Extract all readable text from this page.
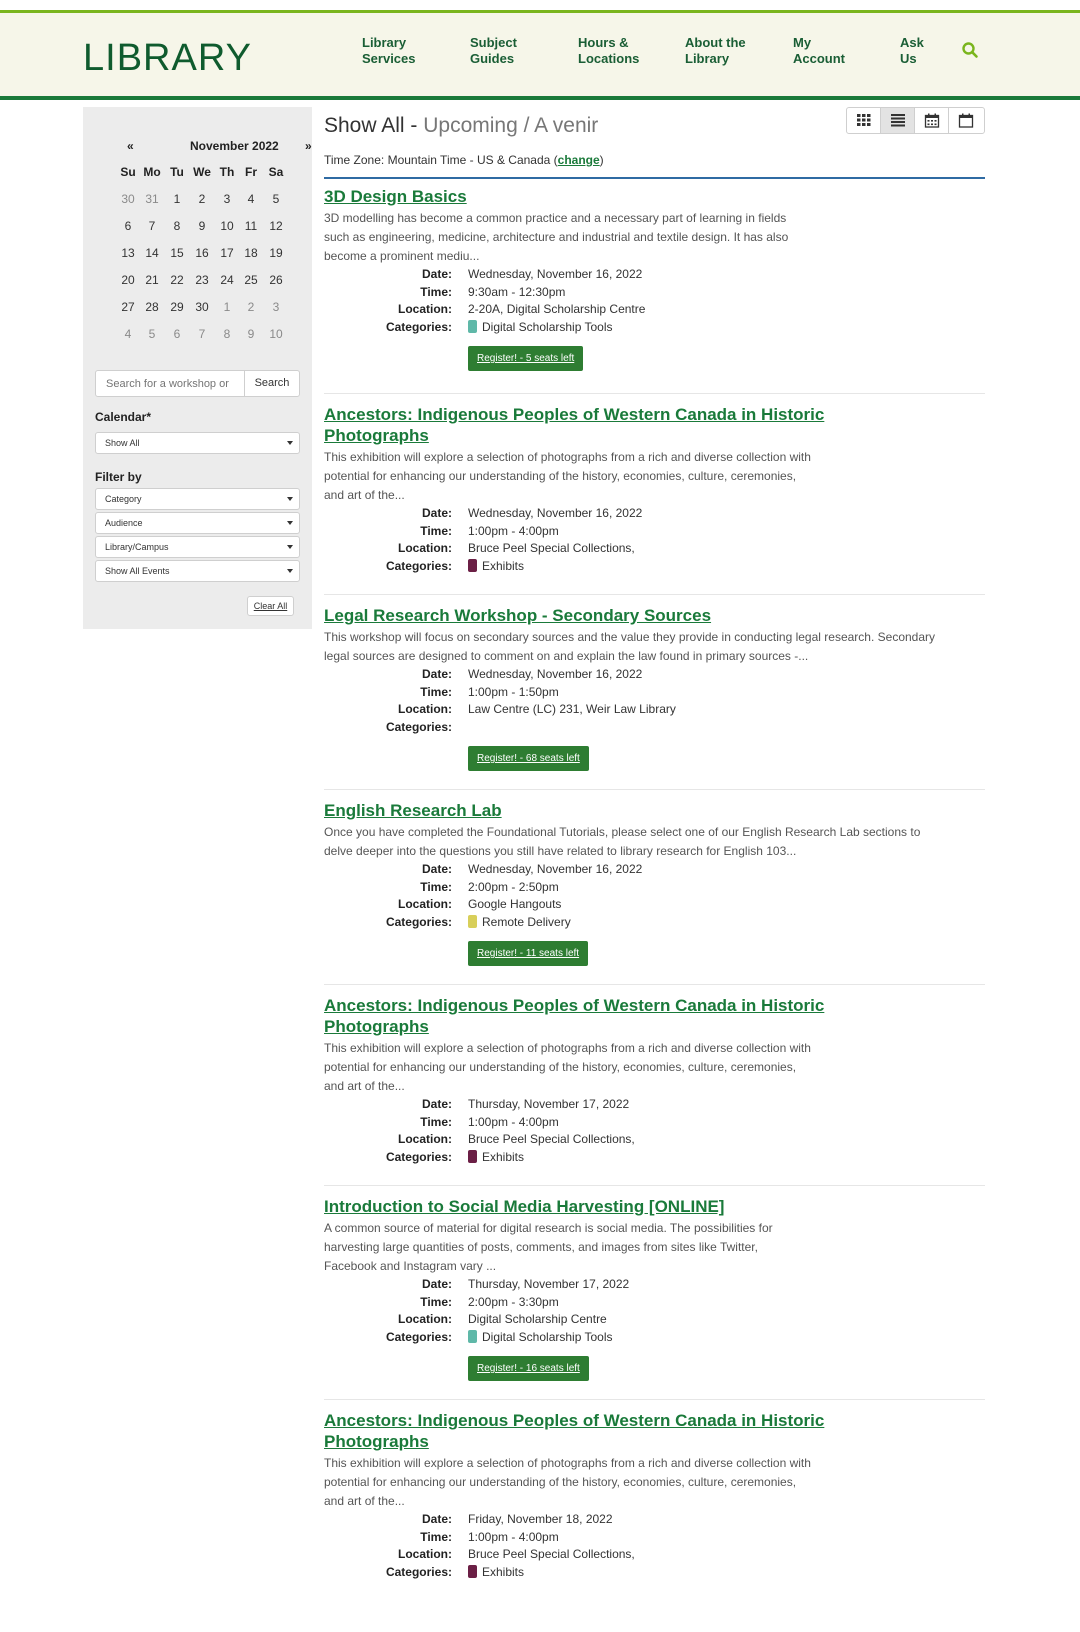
LIBRARY	Library
Services
Subject
Guides
Hours &
Locations
About the
Library
My
Account
Ask
Us
«	November 2022 »
Su Mo Tu We Th Fr Sa
30 31	1	2	3	4	5
6	7	8	9	10 11	12
13 14 15 16 17 18 19
20 21 22 23 24 25 26
27 28 29 30	1	2	3
4	5	6	7	8	9	10
Search for a workshop or
Search
Calendar*
Show All
Filter by
Category
Audience
Library/Campus
Show All Events
Clear All
Show All - Upcoming / A venir
Time Zone: Mountain Time - US & Canada (change)
3D Design Basics
3D modelling has become a common practice and a necessary part of learning in fields
such as engineering, medicine, architecture and industrial and textile design. It has also
become a prominent mediu...
Date: Wednesday, November 16, 2022
Time: 9:30am - 12:30pm
Location: 2-20A, Digital Scholarship Centre
Categories:	Digital Scholarship Tools
Register! - 5 seats left
Ancestors: Indigenous Peoples of Western Canada in Historic Photographs
This exhibition will explore a selection of photographs from a rich and diverse collection with
potential for enhancing our understanding of the history, economies, culture, ceremonies,
and art of the...
Date: Wednesday, November 16, 2022
Time: 1:00pm - 4:00pm
Location: Bruce Peel Special Collections,
Categories:	Exhibits
Legal Research Workshop - Secondary Sources
This workshop will focus on secondary sources and the value they provide in conducting legal research. Secondary
legal sources are designed to comment on and explain the law found in primary sources -...
Date: Wednesday, November 16, 2022
Time: 1:00pm - 1:50pm
Location: Law Centre (LC) 231, Weir Law Library
Categories:
Register! - 68 seats left
English Research Lab
Once you have completed the Foundational Tutorials, please select one of our English Research Lab sections to
delve deeper into the questions you still have related to library research for English 103...
Date: Wednesday, November 16, 2022
Time: 2:00pm - 2:50pm
Location: Google Hangouts
Categories:	Remote Delivery
Register! - 11 seats left
Ancestors: Indigenous Peoples of Western Canada in Historic Photographs
This exhibition will explore a selection of photographs from a rich and diverse collection with
potential for enhancing our understanding of the history, economies, culture, ceremonies,
and art of the...
Date: Thursday, November 17, 2022
Time: 1:00pm - 4:00pm
Location: Bruce Peel Special Collections,
Categories:	Exhibits
Introduction to Social Media Harvesting [ONLINE]
A common source of material for digital research is social media. The possibilities for
harvesting large quantities of posts, comments, and images from sites like Twitter,
Facebook and Instagram vary ...
Date: Thursday, November 17, 2022
Time: 2:00pm - 3:30pm
Location: Digital Scholarship Centre
Categories:	Digital Scholarship Tools
Register! - 16 seats left
Ancestors: Indigenous Peoples of Western Canada in Historic Photographs
This exhibition will explore a selection of photographs from a rich and diverse collection with
potential for enhancing our understanding of the history, economies, culture, ceremonies,
and art of the...
Date: Friday, November 18, 2022
Time: 1:00pm - 4:00pm
Location: Bruce Peel Special Collections,
Categories:	Exhibits
